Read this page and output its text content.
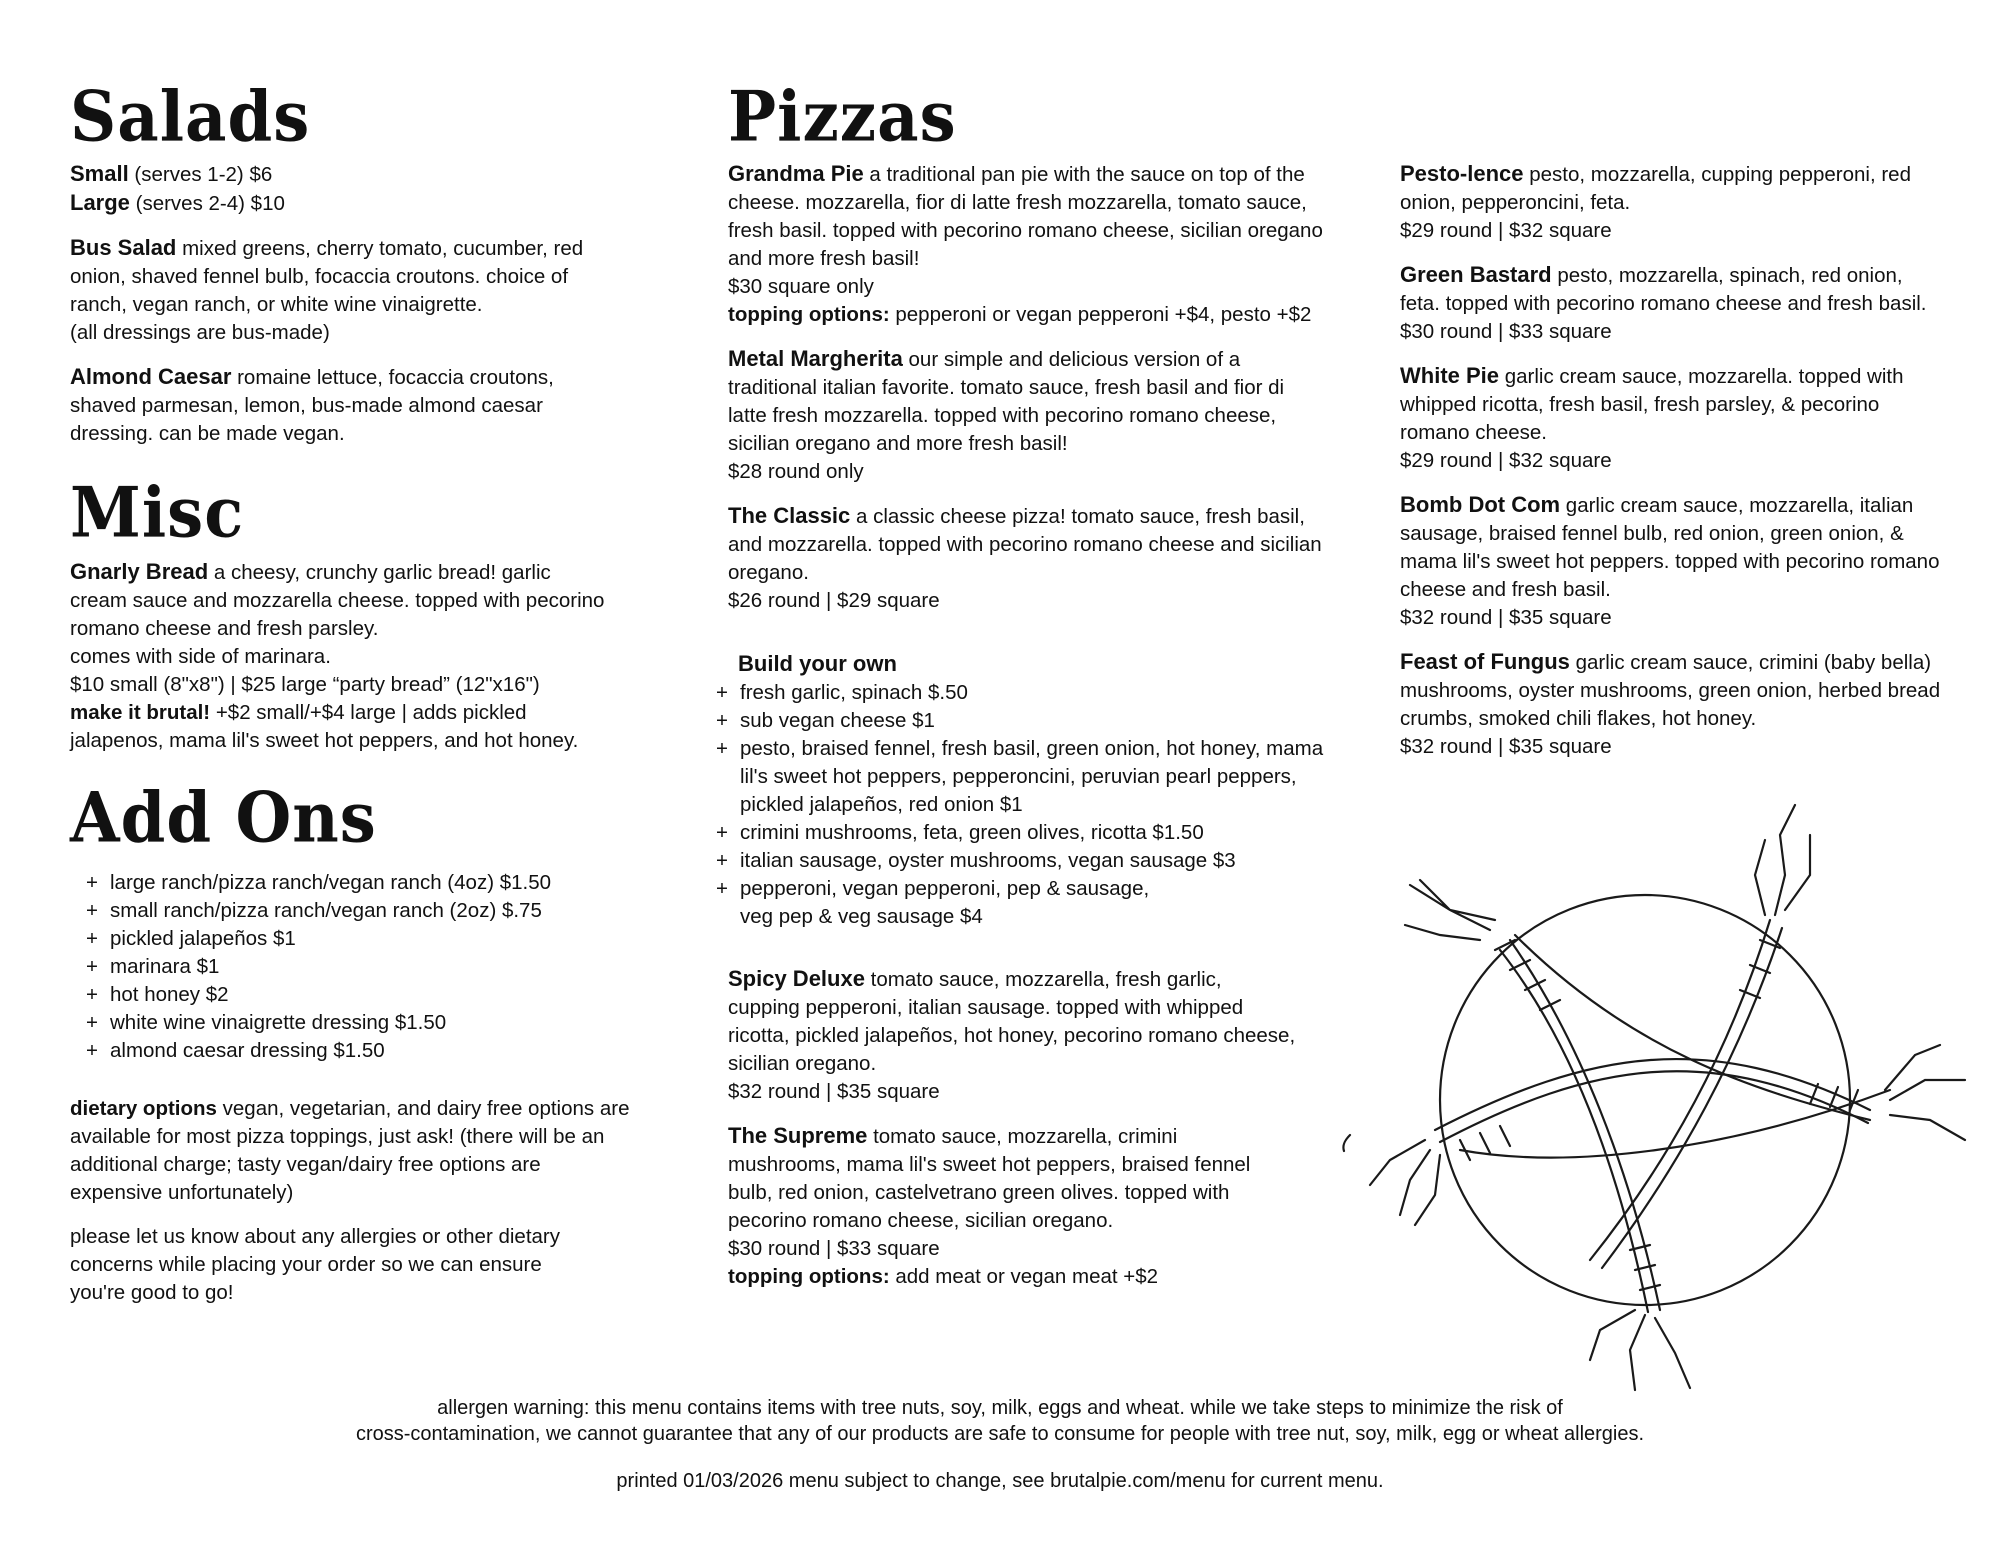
Salads
Small (serves 1-2) $6
Large (serves 2-4) $10

Bus Salad mixed greens, cherry tomato, cucumber, red

onion, shaved fennel bulb, focaccia croutons. choice of

ranch, vegan ranch, or white wine vinaigrette.

(all dressings are bus-made)

Almond Caesar romaine lettuce, focaccia croutons,

shaved parmesan, lemon, bus-made almond caesar

dressing. can be made vegan.

Misc

Gnarly Bread a cheesy, crunchy garlic bread! garlic

cream sauce and mozzarella cheese. topped with pecorino

romano cheese and fresh parsley.

comes with side of marinara.

$10 small (8"x8") | $25 large “party bread” (12"x16")

make it brutal! +$2 small/+$4 large | adds pickled

jalapenos, mama lil's sweet hot peppers, and hot honey.

Add Ons
+ large ranch/pizza ranch/vegan ranch (4oz) $1.50
+ small ranch/pizza ranch/vegan ranch (2oz) $.75
+ pickled jalapeños $1
+ marinara $1
+ hot honey $2
+ white wine vinaigrette dressing $1.50
+ almond caesar dressing $1.50

dietary options vegan, vegetarian, and dairy free options are

available for most pizza toppings, just ask! (there will be an

additional charge; tasty vegan/dairy free options are

expensive unfortunately)

please let us know about any allergies or other dietary

concerns while placing your order so we can ensure

you're good to go!

Pizzas

Grandma Pie a traditional pan pie with the sauce on top of the

cheese. mozzarella, fior di latte fresh mozzarella, tomato sauce,

fresh basil. topped with pecorino romano cheese, sicilian oregano

and more fresh basil!

$30 square only

topping options: pepperoni or vegan pepperoni +$4, pesto +$2

Metal Margherita our simple and delicious version of a

traditional italian favorite. tomato sauce, fresh basil and fior di

latte fresh mozzarella. topped with pecorino romano cheese,

sicilian oregano and more fresh basil!

$28 round only

The Classic a classic cheese pizza! tomato sauce, fresh basil,

and mozzarella. topped with pecorino romano cheese and sicilian

oregano.

$26 round | $29 square

Build your own
+ fresh garlic, spinach $.50
+ sub vegan cheese $1
+ pesto, braised fennel, fresh basil, green onion, hot honey, mama
lil's sweet hot peppers, pepperoncini, peruvian pearl peppers,
pickled jalapeños, red onion $1
+ crimini mushrooms, feta, green olives, ricotta $1.50
+ italian sausage, oyster mushrooms, vegan sausage $3
+ pepperoni, vegan pepperoni, pep & sausage,
veg pep & veg sausage $4

Spicy Deluxe tomato sauce, mozzarella, fresh garlic,

cupping pepperoni, italian sausage. topped with whipped

ricotta, pickled jalapeños, hot honey, pecorino romano cheese,

sicilian oregano.

$32 round | $35 square

The Supreme tomato sauce, mozzarella, crimini

mushrooms, mama lil's sweet hot peppers, braised fennel

bulb, red onion, castelvetrano green olives. topped with

pecorino romano cheese, sicilian oregano.

$30 round | $33 square

topping options: add meat or vegan meat +$2

Pesto-lence pesto, mozzarella, cupping pepperoni, red

onion, pepperoncini, feta.

$29 round | $32 square

Green Bastard pesto, mozzarella, spinach, red onion,

feta. topped with pecorino romano cheese and fresh basil.

$30 round | $33 square

White Pie garlic cream sauce, mozzarella. topped with

whipped ricotta, fresh basil, fresh parsley, & pecorino

romano cheese.

$29 round | $32 square

Bomb Dot Com garlic cream sauce, mozzarella, italian

sausage, braised fennel bulb, red onion, green onion, &

mama lil's sweet hot peppers. topped with pecorino romano

cheese and fresh basil.

$32 round | $35 square

Feast of Fungus garlic cream sauce, crimini (baby bella)

mushrooms, oyster mushrooms, green onion, herbed bread

crumbs, smoked chili flakes, hot honey.

$32 round | $35 square

allergen warning: this menu contains items with tree nuts, soy, milk, eggs and wheat. while we take steps to minimize the risk of

cross-contamination, we cannot guarantee that any of our products are safe to consume for people with tree nut, soy, milk, egg or wheat allergies.

printed 01/03/2026 menu subject to change, see brutalpie.com/menu for current menu.
